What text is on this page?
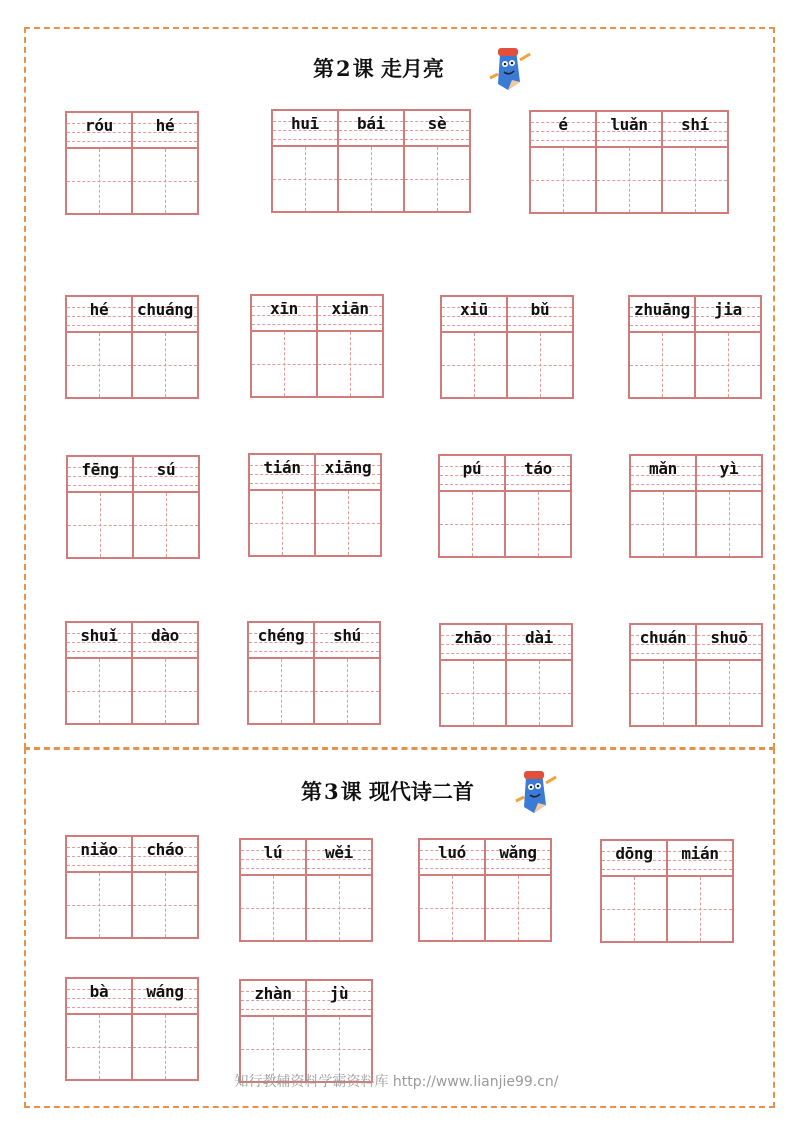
第2课 走月亮
第3课 现代诗二首
róu	hé	huī	bái	sè	é	luǎn	shí
hé	chuáng	xīn	xiān	xiū	bǔ	zhuāng	jia
fēng	sú	tián	xiāng	pú	táo	mǎn	yì
shuǐ	dào	chéng	shú	zhāo	dài	chuán	shuō
niǎo	cháo	lú	wěi	luó	wǎng	dōng	mián
bà	wáng	zhàn	jù
知行教辅资料学霸资料库 http://www.lianjie99.cn/
